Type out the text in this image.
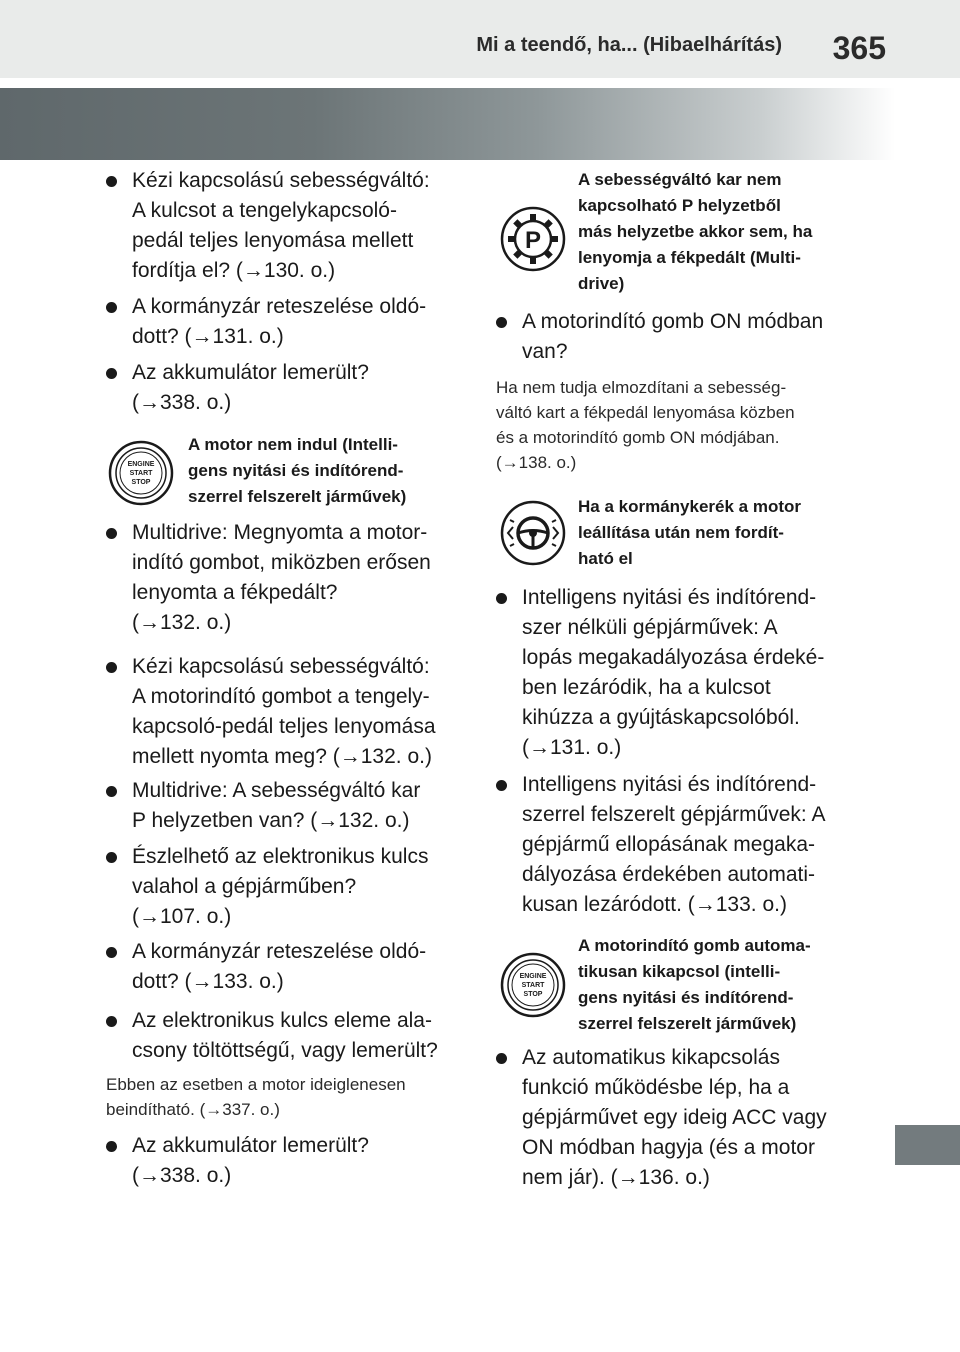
Mi a teendő, ha... (Hibaelhárítás) 365
Kézi kapcsolású sebességváltó:
A kulcsot a tengelykapcsoló-
pedál teljes lenyomása mellett
fordítja el? (→130. o.)
A kormányzár reteszelése oldó-
dott? (→131. o.)
Az akkumulátor lemerült?
(→338. o.)
ENGINE
START
STOP
A motor nem indul (Intelli-
gens nyitási és indítórend-
szerrel felszerelt járművek)
Multidrive: Megnyomta a motor-
indító gombot, miközben erősen
lenyomta a fékpedált?
(→132. o.)
Kézi kapcsolású sebességváltó:
A motorindító gombot a tengely-
kapcsoló-pedál teljes lenyomása
mellett nyomta meg? (→132. o.)
Multidrive: A sebességváltó kar
P helyzetben van? (→132. o.)
Észlelhető az elektronikus kulcs
valahol a gépjárműben?
(→107. o.)
A kormányzár reteszelése oldó-
dott? (→133. o.)
Az elektronikus kulcs eleme ala-
csony töltöttségű, vagy lemerült?
Ebben az esetben a motor ideiglenesen
beindítható. (→337. o.)
Az akkumulátor lemerült?
(→338. o.)
P
A sebességváltó kar nem
kapcsolható P helyzetből
más helyzetbe akkor sem, ha
lenyomja a fékpedált (Multi-
drive)
A motorindító gomb ON módban
van?
Ha nem tudja elmozdítani a sebesség-
váltó kart a fékpedál lenyomása közben
és a motorindító gomb ON módjában.
(→138. o.)
Ha a kormánykerék a motor
leállítása után nem fordít-
ható el
Intelligens nyitási és indítórend-
szer nélküli gépjárművek: A
lopás megakadályozása érdeké-
ben lezáródik, ha a kulcsot
kihúzza a gyújtáskapcsolóból.
(→131. o.)
Intelligens nyitási és indítórend-
szerrel felszerelt gépjárművek: A
gépjármű ellopásának megaka-
dályozása érdekében automati-
kusan lezáródott. (→133. o.)
ENGINE
START
STOP
A motorindító gomb automa-
tikusan kikapcsol (intelli-
gens nyitási és indítórend-
szerrel felszerelt járművek)
Az automatikus kikapcsolás
funkció működésbe lép, ha a
gépjárművet egy ideig ACC vagy
ON módban hagyja (és a motor
nem jár). (→136. o.)
